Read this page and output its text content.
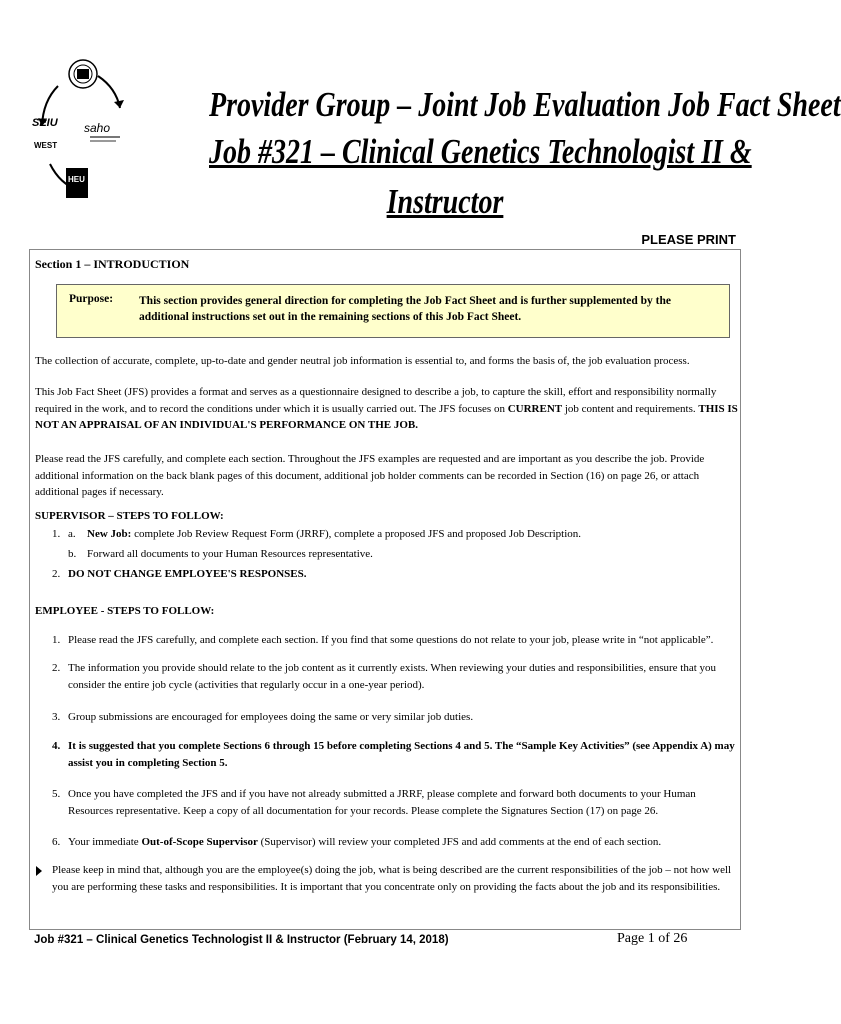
SEIU
WEST
saho
HEU
Provider Group – Joint Job Evaluation Job Fact Sheet
Job #321 – Clinical Genetics Technologist II &
Instructor
PLEASE PRINT
Section 1 – INTRODUCTION
Purpose: This section provides general direction for completing the Job Fact Sheet and is further supplemented by the additional instructions set out in the remaining sections of this Job Fact Sheet.
The collection of accurate, complete, up-to-date and gender neutral job information is essential to, and forms the basis of, the job evaluation process.
This Job Fact Sheet (JFS) provides a format and serves as a questionnaire designed to describe a job, to capture the skill, effort and responsibility normally required in the work, and to record the conditions under which it is usually carried out. The JFS focuses on CURRENT job content and requirements. THIS IS NOT AN APPRAISAL OF AN INDIVIDUAL'S PERFORMANCE ON THE JOB.
Please read the JFS carefully, and complete each section. Throughout the JFS examples are requested and are important as you describe the job. Provide additional information on the back blank pages of this document, additional job holder comments can be recorded in Section (16) on page 26, or attach additional pages if necessary.
SUPERVISOR – STEPS TO FOLLOW:
1. a. New Job: complete Job Review Request Form (JRRF), complete a proposed JFS and proposed Job Description.
b. Forward all documents to your Human Resources representative.
2. DO NOT CHANGE EMPLOYEE'S RESPONSES.
EMPLOYEE - STEPS TO FOLLOW:
1. Please read the JFS carefully, and complete each section. If you find that some questions do not relate to your job, please write in “not applicable”.
2. The information you provide should relate to the job content as it currently exists. When reviewing your duties and responsibilities, ensure that you consider the entire job cycle (activities that regularly occur in a one-year period).
3. Group submissions are encouraged for employees doing the same or very similar job duties.
4. It is suggested that you complete Sections 6 through 15 before completing Sections 4 and 5. The “Sample Key Activities” (see Appendix A) may assist you in completing Section 5.
5. Once you have completed the JFS and if you have not already submitted a JRRF, please complete and forward both documents to your Human Resources representative. Keep a copy of all documentation for your records. Please complete the Signatures Section (17) on page 26.
6. Your immediate Out-of-Scope Supervisor (Supervisor) will review your completed JFS and add comments at the end of each section.
Please keep in mind that, although you are the employee(s) doing the job, what is being described are the current responsibilities of the job – not how well you are performing these tasks and responsibilities. It is important that you concentrate only on providing the facts about the job and its responsibilities.
Job #321 – Clinical Genetics Technologist II & Instructor (February 14, 2018)	Page 1 of 26
